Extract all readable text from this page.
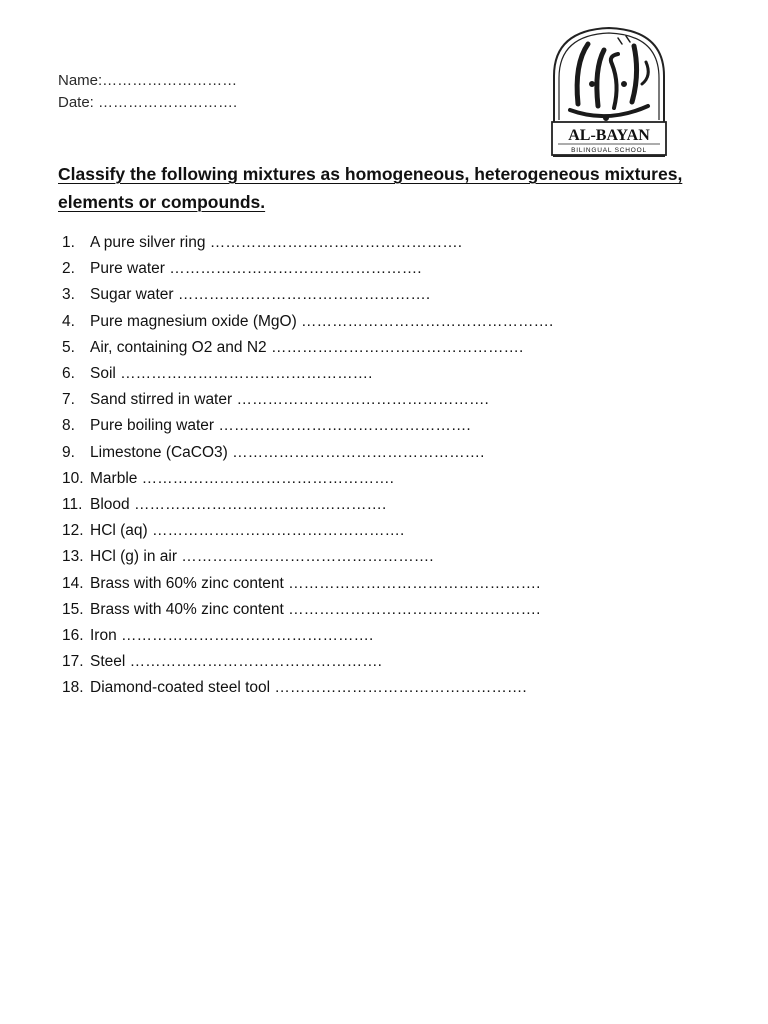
Name:………………………
Date: ……………………….
AL-BAYAN
BILINGUAL SCHOOL
Classify the following mixtures as homogeneous, heterogeneous mixtures, elements or compounds.
1. A pure silver ring ………………………………………….
2. Pure water ………………………………………….
3. Sugar water ………………………………………….
4. Pure magnesium oxide (MgO) ………………………………………….
5. Air, containing O2 and N2 ………………………………………….
6. Soil ………………………………………….
7. Sand stirred in water ………………………………………….
8. Pure boiling water ………………………………………….
9. Limestone (CaCO3) ………………………………………….
10. Marble ………………………………………….
11. Blood ………………………………………….
12. HCl (aq) ………………………………………….
13. HCl (g) in air ………………………………………….
14. Brass with 60% zinc content ………………………………………….
15. Brass with 40% zinc content ………………………………………….
16. Iron ………………………………………….
17. Steel ………………………………………….
18. Diamond-coated steel tool ………………………………………….
